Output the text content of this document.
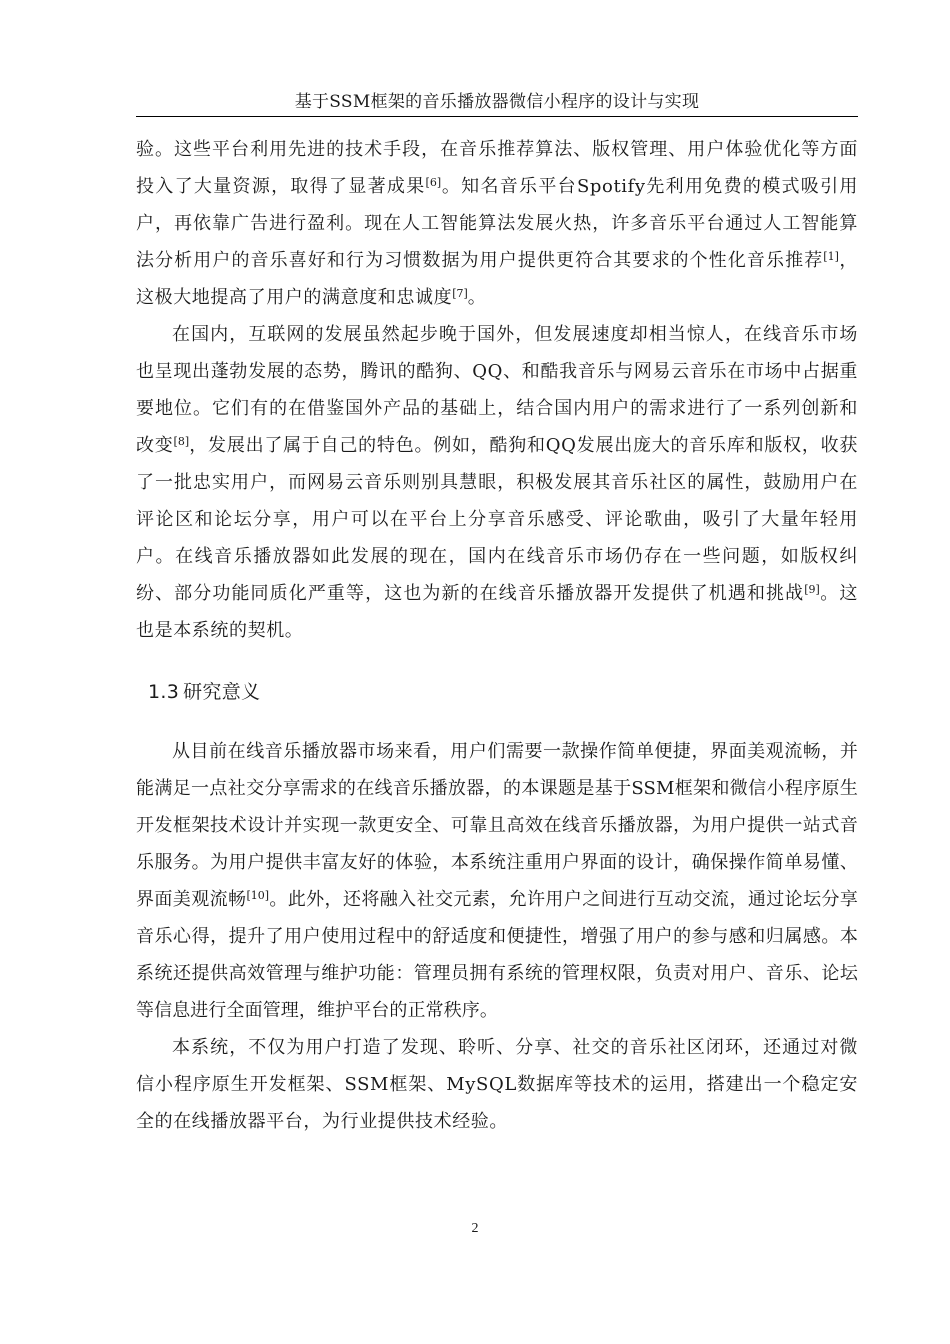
基于SSM框架的音乐播放器微信小程序的设计与实现

验。这些平台利用先进的技术手段，在音乐推荐算法、版权管理、用户体验优化等方面投入了大量资源，取得了显著成果[6]。知名音乐平台Spotify先利用免费的模式吸引用户，再依靠广告进行盈利。现在人工智能算法发展火热，许多音乐平台通过人工智能算法分析用户的音乐喜好和行为习惯数据为用户提供更符合其要求的个性化音乐推荐[1]，这极大地提高了用户的满意度和忠诚度[7]。

在国内，互联网的发展虽然起步晚于国外，但发展速度却相当惊人，在线音乐市场也呈现出蓬勃发展的态势，腾讯的酷狗、QQ、和酷我音乐与网易云音乐在市场中占据重要地位。它们有的在借鉴国外产品的基础上，结合国内用户的需求进行了一系列创新和改变[8]，发展出了属于自己的特色。例如，酷狗和QQ发展出庞大的音乐库和版权，收获了一批忠实用户，而网易云音乐则别具慧眼，积极发展其音乐社区的属性，鼓励用户在评论区和论坛分享，用户可以在平台上分享音乐感受、评论歌曲，吸引了大量年轻用户。在线音乐播放器如此发展的现在，国内在线音乐市场仍存在一些问题，如版权纠纷、部分功能同质化严重等，这也为新的在线音乐播放器开发提供了机遇和挑战[9]。这也是本系统的契机。

1.3 研究意义

从目前在线音乐播放器市场来看，用户们需要一款操作简单便捷，界面美观流畅，并能满足一点社交分享需求的在线音乐播放器，的本课题是基于SSM框架和微信小程序原生开发框架技术设计并实现一款更安全、可靠且高效在线音乐播放器，为用户提供一站式音乐服务。为用户提供丰富友好的体验，本系统注重用户界面的设计，确保操作简单易懂、界面美观流畅[10]。此外，还将融入社交元素，允许用户之间进行互动交流，通过论坛分享音乐心得，提升了用户使用过程中的舒适度和便捷性，增强了用户的参与感和归属感。本系统还提供高效管理与维护功能：管理员拥有系统的管理权限，负责对用户、音乐、论坛等信息进行全面管理，维护平台的正常秩序。

本系统，不仅为用户打造了发现、聆听、分享、社交的音乐社区闭环，还通过对微信小程序原生开发框架、SSM框架、MySQL数据库等技术的运用，搭建出一个稳定安全的在线播放器平台，为行业提供技术经验。

2
